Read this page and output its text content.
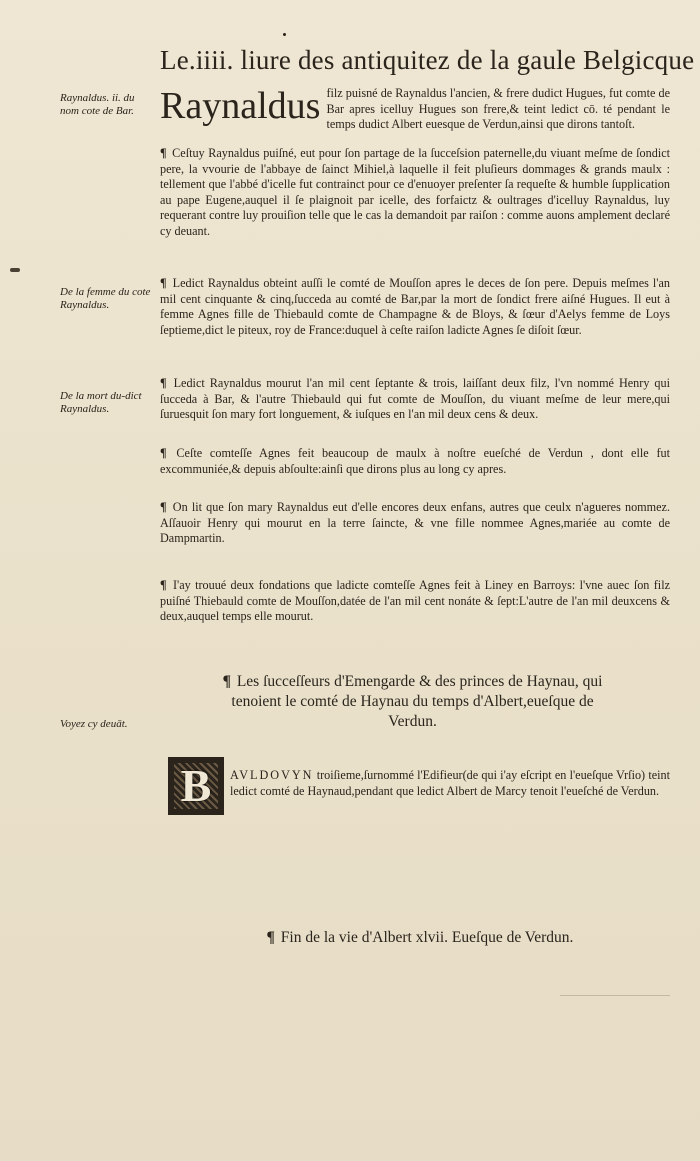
Le.iiii. liure des antiquitez de la gaule Belgicque
Raynaldus. ii. du nom cote de Bar.
De la femme du cote Raynaldus.
De la mort du-dict Raynaldus.
Voyez cy deuāt.
Raynaldus filz puisné de Raynaldus l'ancien, & frere dudict Hugues, fut comte de Bar apres icelluy Hugues son frere,& teint ledict cō. té pendant le temps dudict Albert euesque de Verdun,ainsi que dirons tantoſt.
¶ Ceſtuy Raynaldus puiſné, eut pour ſon partage de la ſucceſsion paternelle,du viuant meſme de ſondict pere, la vvourie de l'abbaye de ſainct Mihiel,à laquelle il feit pluſieurs dommages & grands maulx : tellement que l'abbé d'icelle fut contrainct pour ce d'enuoyer preſenter ſa requeſte & humble ſupplication au pape Eugene,auquel il ſe plaignoit par icelle, des forfaictz & oultrages d'icelluy Raynaldus, luy requerant contre luy prouiſion telle que le cas la demandoit par raiſon : comme auons amplement declaré cy deuant.
¶ Ledict Raynaldus obteint auſſi le comté de Mouſſon apres le deces de ſon pere. Depuis meſmes l'an mil cent cinquante & cinq,ſucceda au comté de Bar,par la mort de ſondict frere aiſné Hugues. Il eut à femme Agnes fille de Thiebauld comte de Champagne & de Bloys, & ſœur d'Aelys femme de Loys ſeptieme,dict le piteux, roy de France:duquel à ceſte raiſon ladicte Agnes ſe diſoit ſœur.
¶ Ledict Raynaldus mourut l'an mil cent ſeptante & trois, laiſſant deux filz, l'vn nommé Henry qui ſucceda à Bar, & l'autre Thiebauld qui fut comte de Mouſſon, du viuant meſme de leur mere,qui ſuruesquit ſon mary fort longuement, & iuſques en l'an mil deux cens & deux.
¶ Ceſte comteſſe Agnes feit beaucoup de maulx à noſtre eueſché de Verdun , dont elle fut excommuniée,& depuis abſoulte:ainſi que dirons plus au long cy apres.
¶ On lit que ſon mary Raynaldus eut d'elle encores deux enfans, autres que ceulx n'agueres nommez. Aſſauoir Henry qui mourut en la terre ſaincte, & vne fille nommee Agnes,mariée au comte de Dampmartin.
¶ I'ay trouué deux fondations que ladicte comteſſe Agnes feit à Liney en Barroys: l'vne auec ſon filz puiſné Thiebauld comte de Mouſſon,datée de l'an mil cent nonáte & ſept:L'autre de l'an mil deuxcens & deux,auquel temps elle mourut.
¶ Les ſucceſſeurs d'Emengarde & des princes de Haynau, qui tenoient le comté de Haynau du temps d'Albert,eueſque de Verdun.
B AVLDOVYN troiſieme,ſurnommé l'Edifieur(de qui i'ay eſcript en l'eueſque Vrſio) teint ledict comté de Haynaud,pendant que ledict Albert de Marcy tenoit l'eueſché de Verdun.
¶ Fin de la vie d'Albert xlvii. Eueſque de Verdun.
